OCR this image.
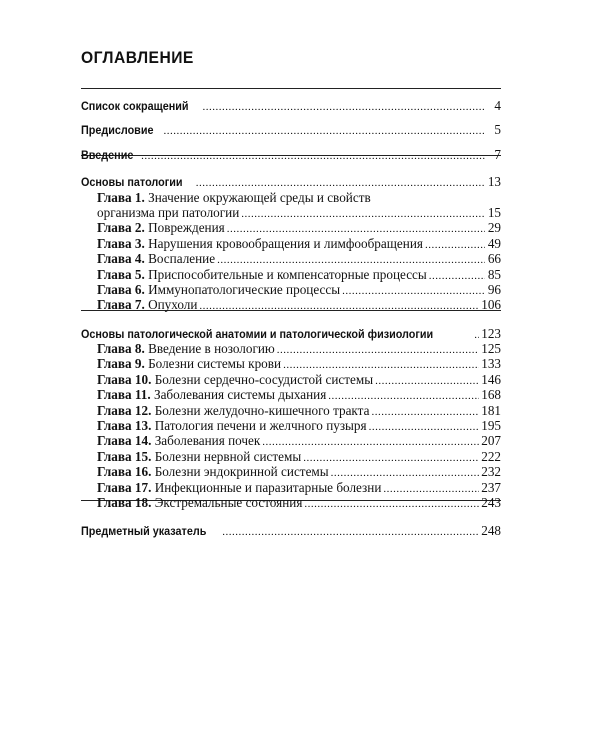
ОГЛАВЛЕНИЕ
Список сокращений .....	4
Предисловие .....	5
Введение .....	7
Основы патологии .....	13
Глава 1. Значение окружающей среды и свойств
организма при патологии .....	15
Глава 2. Повреждения .....	29
Глава 3. Нарушения кровообращения и лимфообращения .....	49
Глава 4. Воспаление .....	66
Глава 5. Приспособительные и компенсаторные процессы .....	85
Глава 6. Иммунопатологические процессы .....	96
Глава 7. Опухоли .....	106
Основы патологической анатомии и патологической физиологии .....	123
Глава 8. Введение в нозологию .....	125
Глава 9. Болезни системы крови .....	133
Глава 10. Болезни сердечно-сосудистой системы .....	146
Глава 11. Заболевания системы дыхания .....	168
Глава 12. Болезни желудочно-кишечного тракта .....	181
Глава 13. Патология печени и желчного пузыря .....	195
Глава 14. Заболевания почек .....	207
Глава 15. Болезни нервной системы .....	222
Глава 16. Болезни эндокринной системы .....	232
Глава 17. Инфекционные и паразитарные болезни .....	237
Глава 18. Экстремальные состояния .....	243
Предметный указатель .....	248
